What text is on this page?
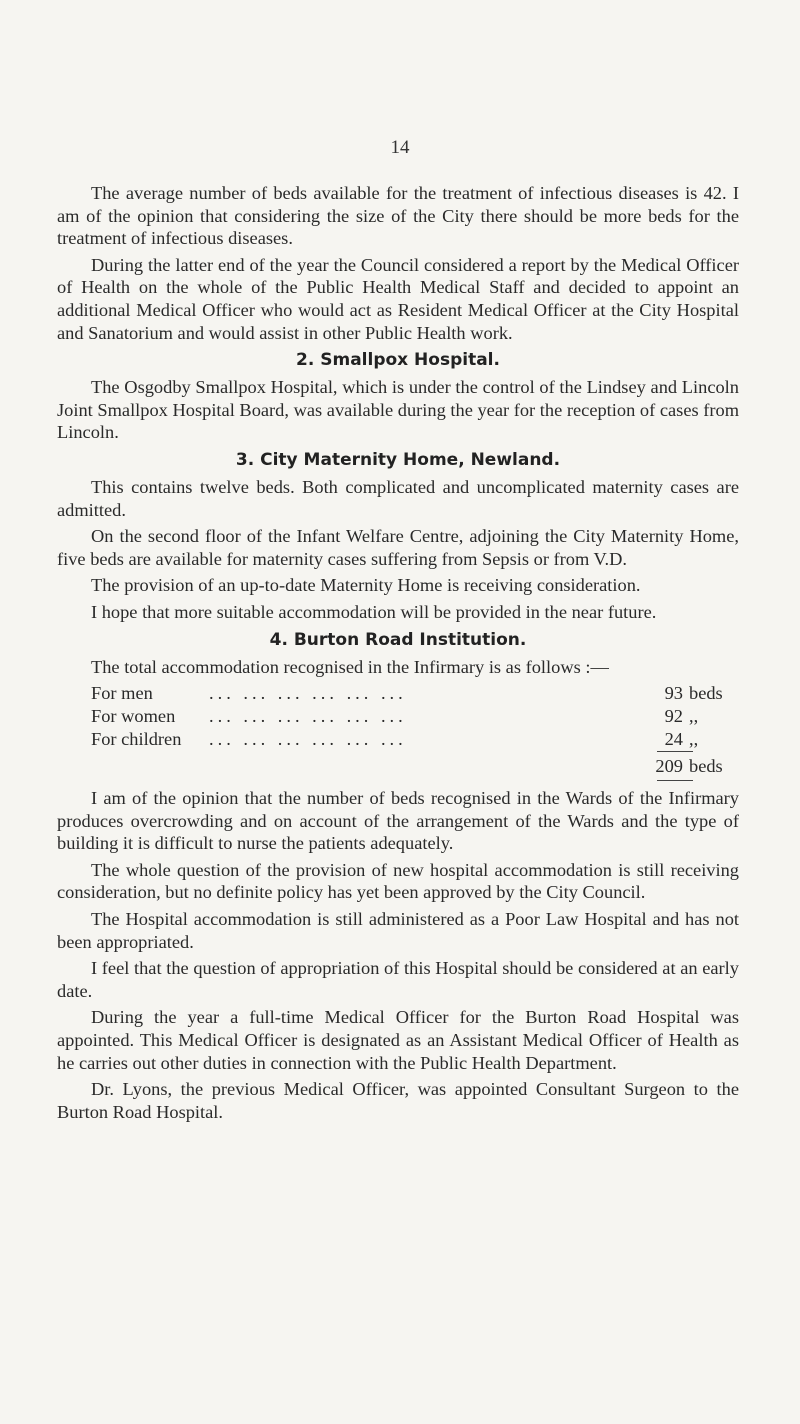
14

The average number of beds available for the treatment of infectious diseases is 42. I am of the opinion that considering the size of the City there should be more beds for the treatment of infectious diseases.

During the latter end of the year the Council considered a report by the Medical Officer of Health on the whole of the Public Health Medical Staff and decided to appoint an additional Medical Officer who would act as Resident Medical Officer at the City Hospital and Sanatorium and would assist in other Public Health work.

2. Smallpox Hospital.

The Osgodby Smallpox Hospital, which is under the control of the Lindsey and Lincoln Joint Smallpox Hospital Board, was available during the year for the reception of cases from Lincoln.

3. City Maternity Home, Newland.

This contains twelve beds. Both complicated and uncomplicated maternity cases are admitted.

On the second floor of the Infant Welfare Centre, adjoining the City Maternity Home, five beds are available for maternity cases suffering from Sepsis or from V.D.

The provision of an up-to-date Maternity Home is receiving consideration.

I hope that more suitable accommodation will be provided in the near future.

4. Burton Road Institution.

The total accommodation recognised in the Infirmary is as follows :—

For men	... ... ... ... ... ...	93 beds
For women	... ... ... ... ... ...	92 ,,
For children	... ... ... ... ... ...	24 ,,
209 beds

I am of the opinion that the number of beds recognised in the Wards of the Infirmary produces overcrowding and on account of the arrangement of the Wards and the type of building it is difficult to nurse the patients adequately.

The whole question of the provision of new hospital accommodation is still receiving consideration, but no definite policy has yet been approved by the City Council.

The Hospital accommodation is still administered as a Poor Law Hospital and has not been appropriated.

I feel that the question of appropriation of this Hospital should be considered at an early date.

During the year a full-time Medical Officer for the Burton Road Hospital was appointed. This Medical Officer is designated as an Assistant Medical Officer of Health as he carries out other duties in connection with the Public Health Department.

Dr. Lyons, the previous Medical Officer, was appointed Consultant Surgeon to the Burton Road Hospital.
